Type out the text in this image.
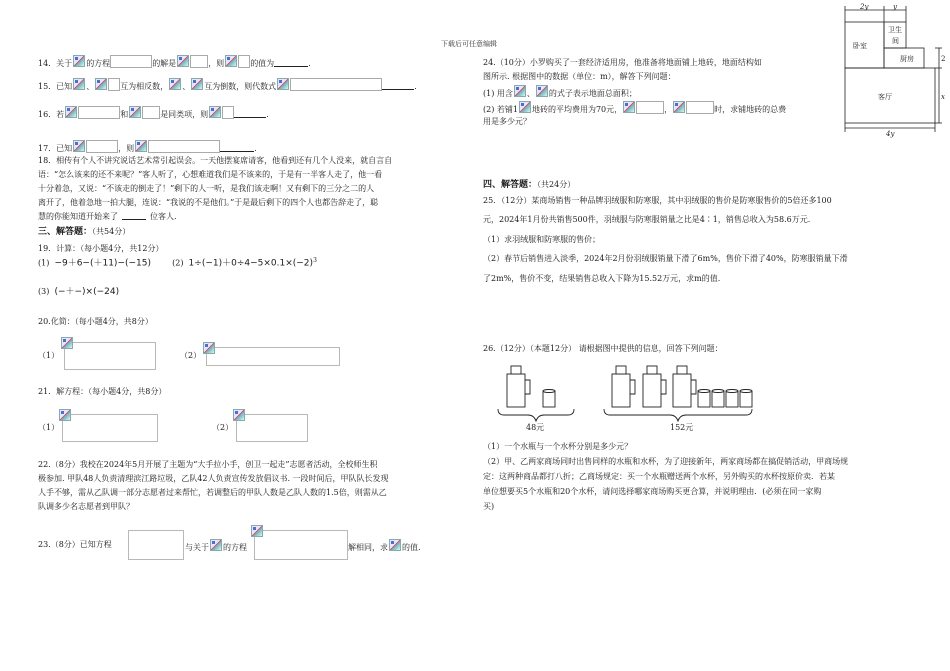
下载后可任意编辑
14．关于 的方程	的解是	，则	的值为	.
15．已知 、	互为相反数， 、 互为倒数，则代数式	.
16．若	和	是同类项，则	.
17．已知	，则	.
18．相传有个人不讲究说话艺术常引起误会。一天他摆宴席请客，他看到还有几个人没来，就自言自
语：“怎么该来的还不来呢？”客人听了，心想难道我们是不该来的，于是有一半客人走了，他一看
十分着急，又说：“不该走的倒走了！”剩下的人一听，是我们该走啊！又有剩下的三分之二的人
离开了，他着急地一拍大腿，连说：“我说的不是他们。”于是最后剩下的四个人也都告辞走了，聪
慧的你能知道开始来了	位客人.
三、解答题：（共54分）
19．计算：（每小题4分，共12分）
(1) −9＋6−(＋11)−(−15)	(2) $1\div(-1)+0\div 4-5\times 0.1\times(-2)^3$
(3) (−＋−)×(−24)
20.化简：（每小题4分，共8分）
（1）	（2）
21．解方程：（每小题4分，共8分）
（1）	（2）
22.（8分）我校在2024年5月开展了主题为“大手拉小手，创卫一起走”志愿者活动，全校师生积
极参加. 甲队48人负责清理滨江路垃圾，乙队42人负责宣传发放倡议书. 一段时间后，甲队队长发现
人手不够，需从乙队调一部分志愿者过来帮忙，若调整后的甲队人数是乙队人数的1.5倍，则需从乙
队调多少名志愿者到甲队？
23.（8分）已知方程	与关于 的方程	解相同，求 的值.
24.（10分）小罗购买了一套经济适用房，他准备将地面铺上地砖，地面结构如
图所示. 根据图中的数据（单位：m），解答下列问题：
(1) 用含 、 的式子表示地面总面积；
(2) 若铺1 地砖的平均费用为70元，	，	时，求铺地砖的总费
用是多少元？
2y	y
卧室
卫生
间
厨房
客厅
2
x
4y
四、解答题：（共24分）
25．（12分）某商场销售一种品牌羽绒服和防寒服，其中羽绒服的售价是防寒服售价的5倍还多100
元，2024年1月份共销售500件，羽绒服与防寒服销量之比是4∶1，销售总收入为58.6万元.
（1）求羽绒服和防寒服的售价；
（2）春节后销售进入淡季，2024年2月份羽绒服销量下滑了6m%，售价下滑了40%，防寒服销量下滑
了2m%，售价不变，结果销售总收入下降为15.52万元，求m的值.
26.（12分）（本题12分） 请根据图中提供的信息，回答下列问题：
48元	152元
（1）一个水瓶与一个水杯分别是多少元？
（2）甲、乙两家商场同时出售同样的水瓶和水杯，为了迎接新年，两家商场都在搞促销活动，甲商场规
定：这两种商品都打八折；乙商场规定：买一个水瓶赠送两个水杯，另外购买的水杯按原价卖．若某
单位想要买5个水瓶和20个水杯，请问选择哪家商场购买更合算，并说明理由．(必须在同一家购
买)
